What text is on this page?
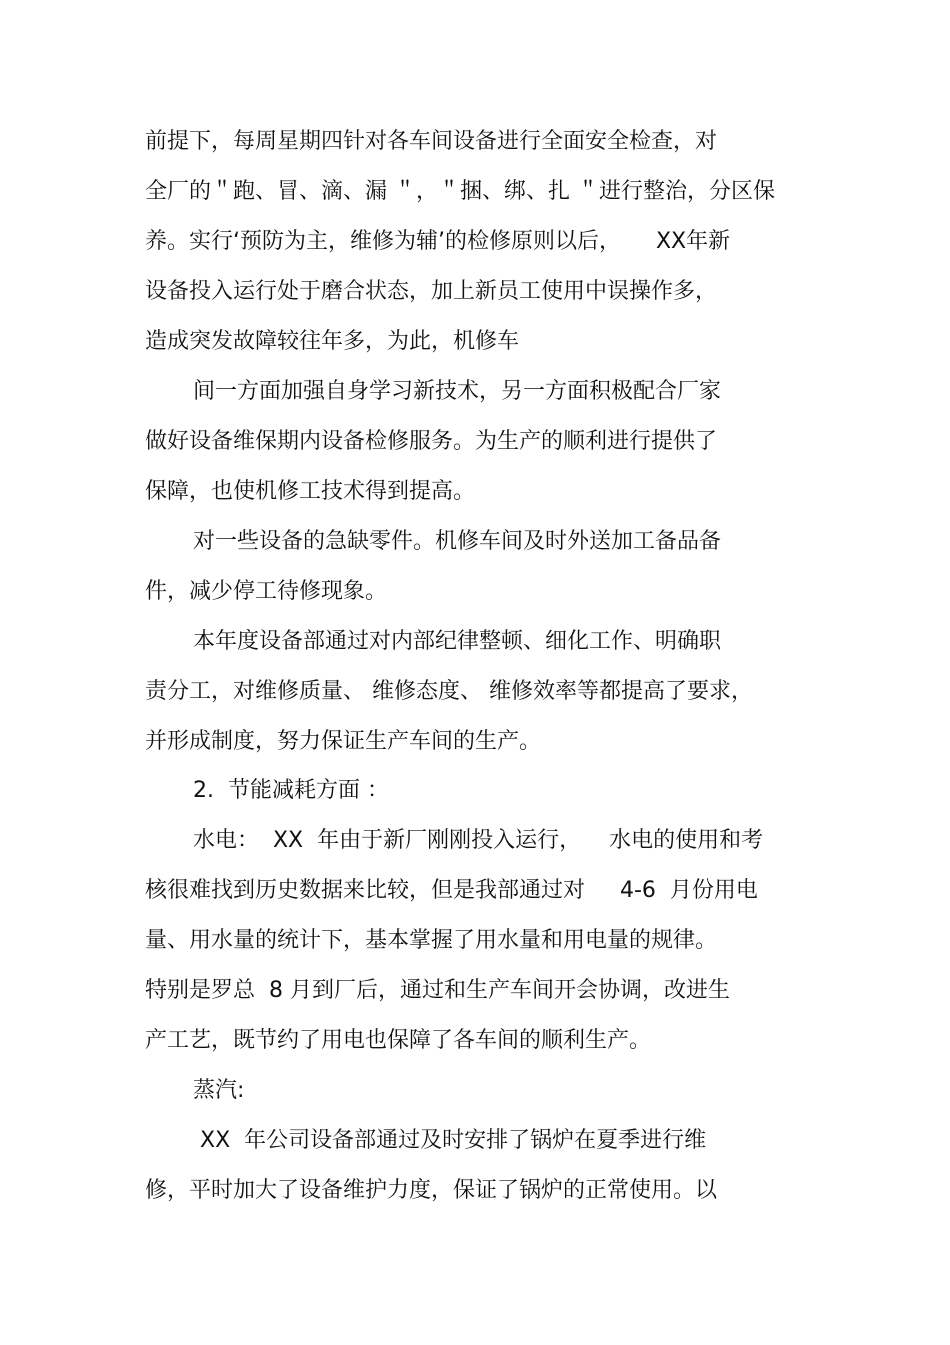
前提下，每周星期四针对各车间设备进行全面安全检查，对
全厂的＂跑、冒、滴、漏 ＂，＂捆、绑、扎 ＂进行整治，分区保
养。实行‘预防为主，维修为辅’的检修原则以后，     XX年新
设备投入运行处于磨合状态，加上新员工使用中误操作多，
造成突发故障较往年多，为此，机修车
间一方面加强自身学习新技术，另一方面积极配合厂家
做好设备维保期内设备检修服务。为生产的顺利进行提供了
保障，也使机修工技术得到提高。
对一些设备的急缺零件。机修车间及时外送加工备品备
件，减少停工待修现象。
本年度设备部通过对内部纪律整顿、细化工作、明确职
责分工，对维修质量、 维修态度、 维修效率等都提高了要求，
并形成制度，努力保证生产车间的生产。
2.  节能减耗方面 ：
水电：  XX  年由于新厂刚刚投入运行，    水电的使用和考
核很难找到历史数据来比较，但是我部通过对     4-6  月份用电
量、用水量的统计下，基本掌握了用水量和用电量的规律。
特别是罗总  8 月到厂后，通过和生产车间开会协调，改进生
产工艺，既节约了用电也保障了各车间的顺利生产。
蒸汽:
XX  年公司设备部通过及时安排了锅炉在夏季进行维
修，平时加大了设备维护力度，保证了锅炉的正常使用。以
